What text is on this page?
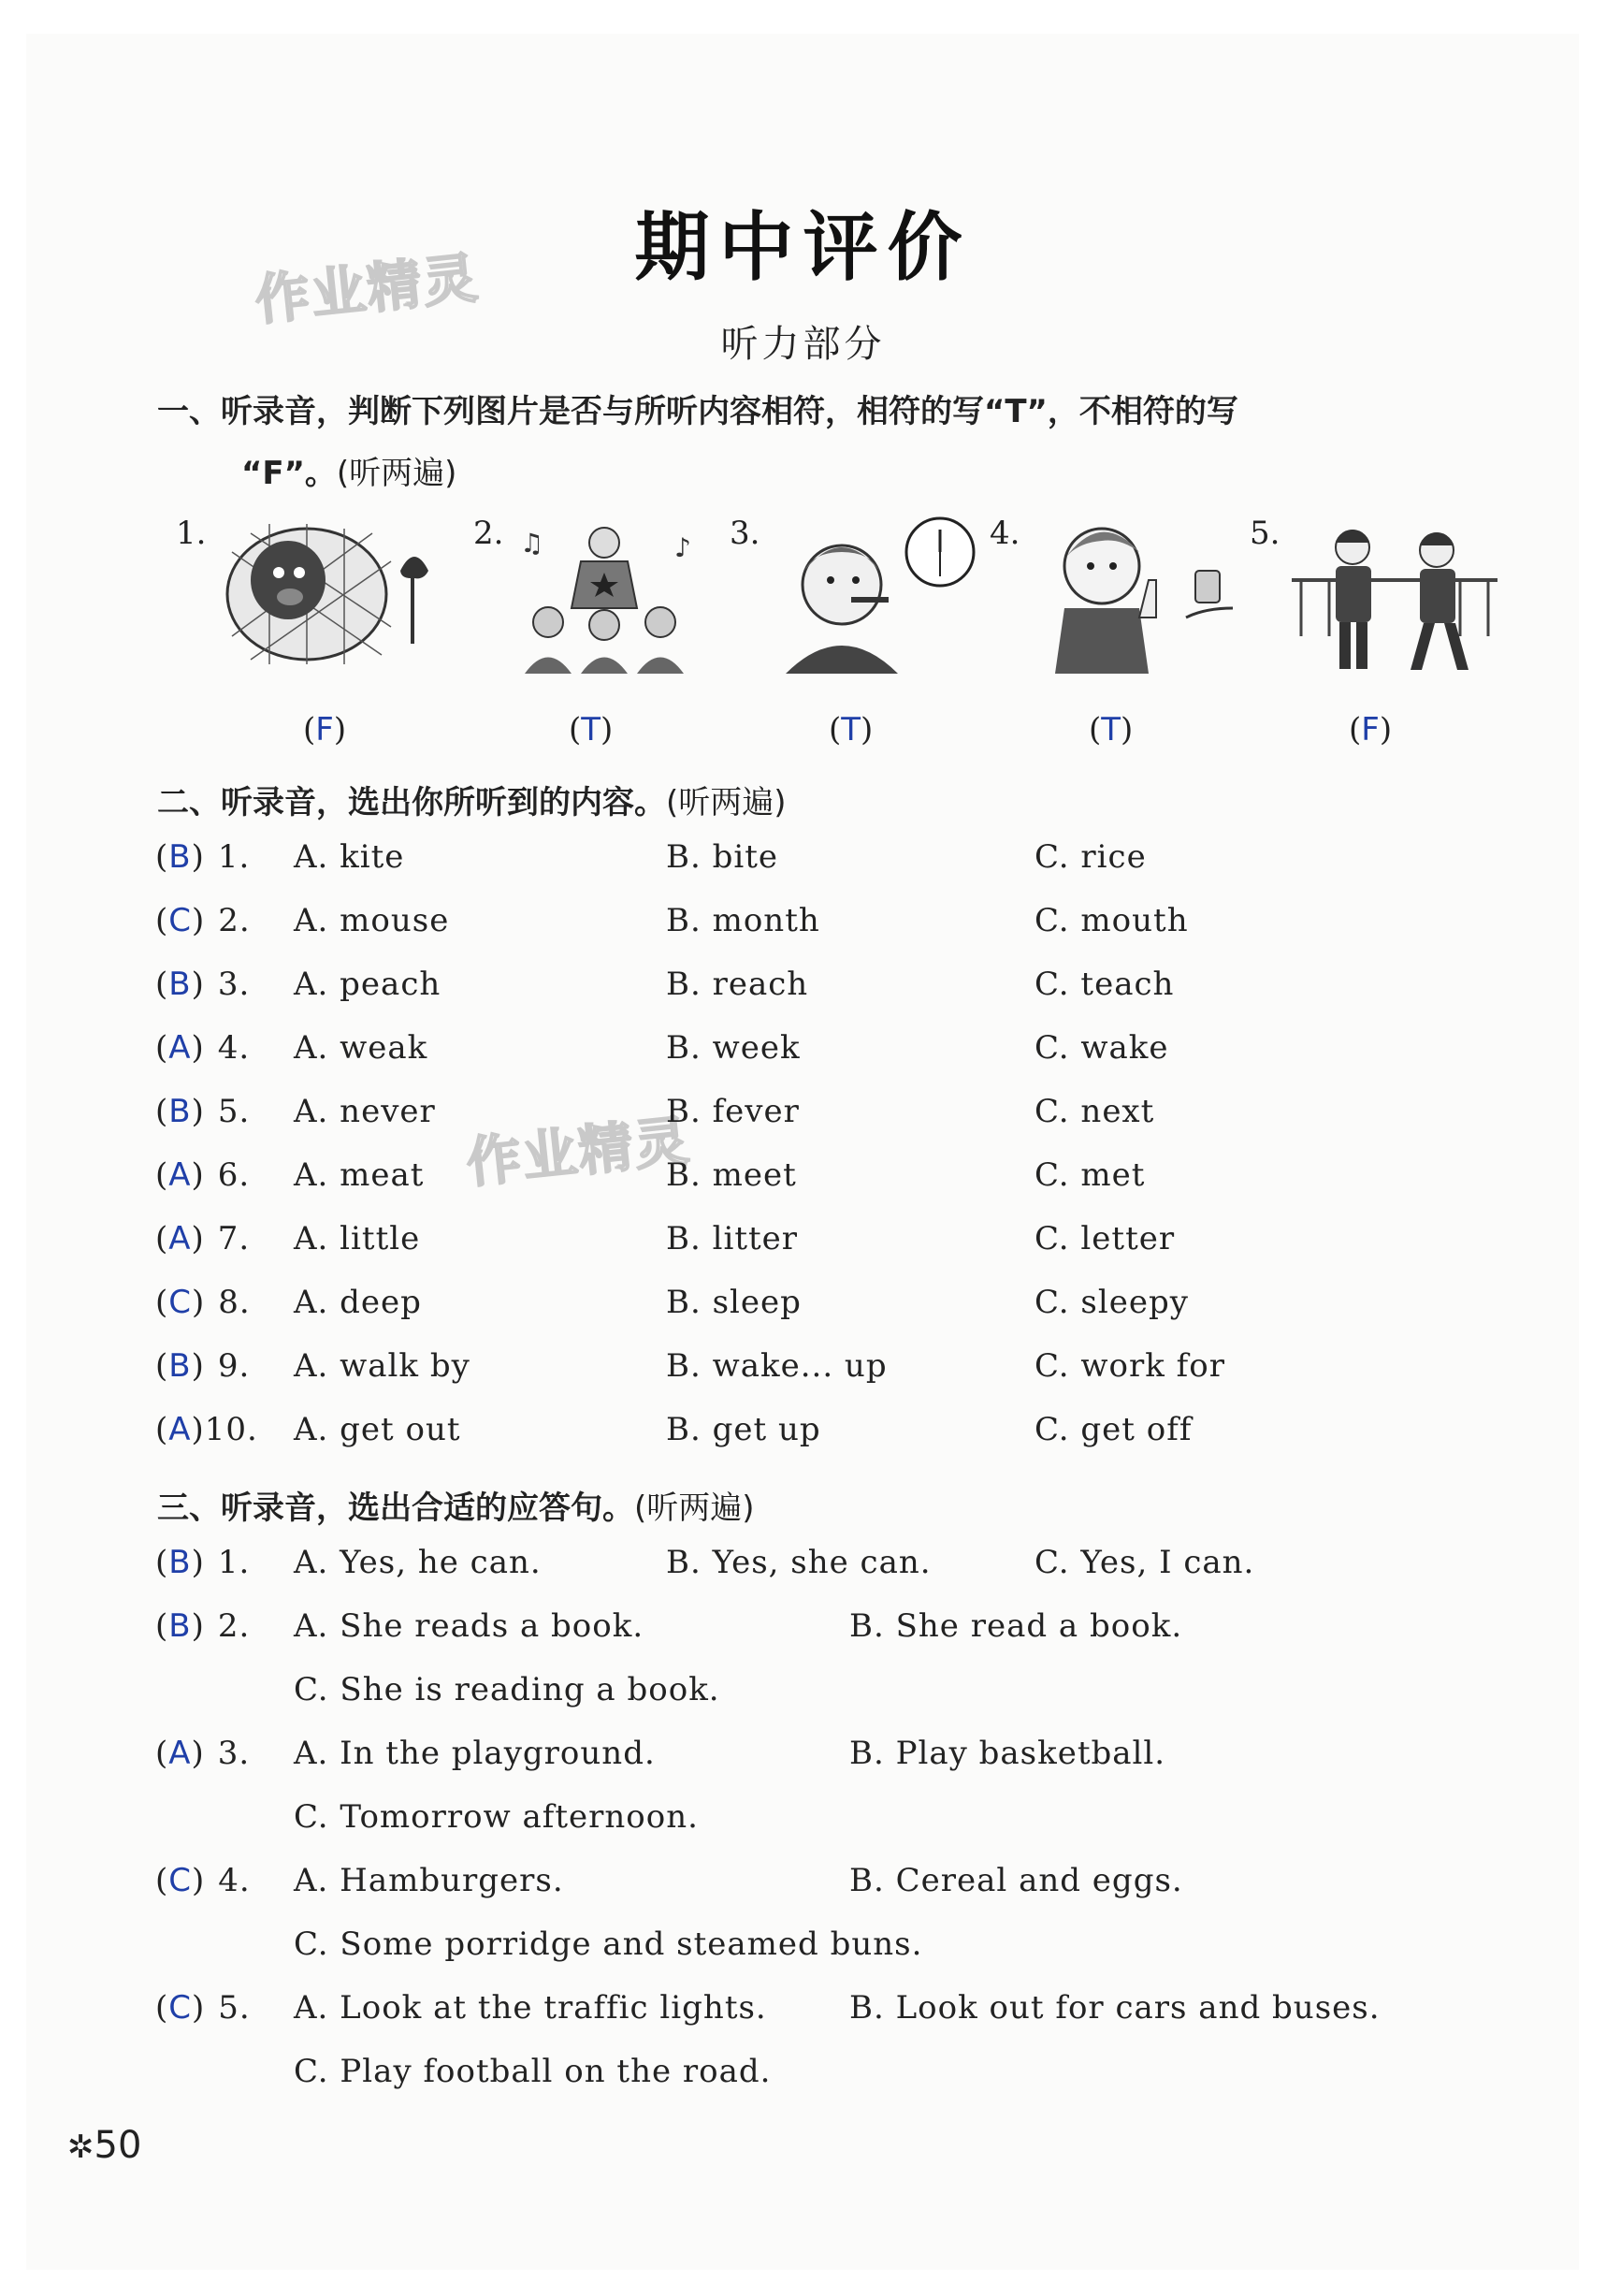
作业精灵
作业精灵
期中评价
听力部分
一、听录音，判断下列图片是否与所听内容相符，相符的写“T”，不相符的写
“F”。(听两遍)
1.	2. ♫	♪ 3.	4.	5.
(F)	(T)	(T)	(T)	(F)
二、听录音，选出你所听到的内容。(听两遍)
(B) 1. A. kite	B. bite	C. rice
(C) 2. A. mouse	B. month	C. mouth
(B) 3. A. peach	B. reach	C. teach
(A) 4. A. weak	B. week	C. wake
(B) 5. A. never	B. fever	C. next
(A) 6. A. meat	B. meet	C. met
(A) 7. A. little	B. litter	C. letter
(C) 8. A. deep	B. sleep	C. sleepy
(B) 9. A. walk by	B. wake... up	C. work for
(A)10. A. get out	B. get up	C. get off
三、听录音，选出合适的应答句。(听两遍)
(B) 1. A. Yes, he can.	B. Yes, she can.	C. Yes, I can.
(B) 2. A. She reads a book.	B. She read a book.
C. She is reading a book.
(A) 3. A. In the playground.	B. Play basketball.
C. Tomorrow afternoon.
(C) 4. A. Hamburgers.	B. Cereal and eggs.
C. Some porridge and steamed buns.
(C) 5. A. Look at the traffic lights.	B. Look out for cars and buses.
C. Play football on the road.
✲50
